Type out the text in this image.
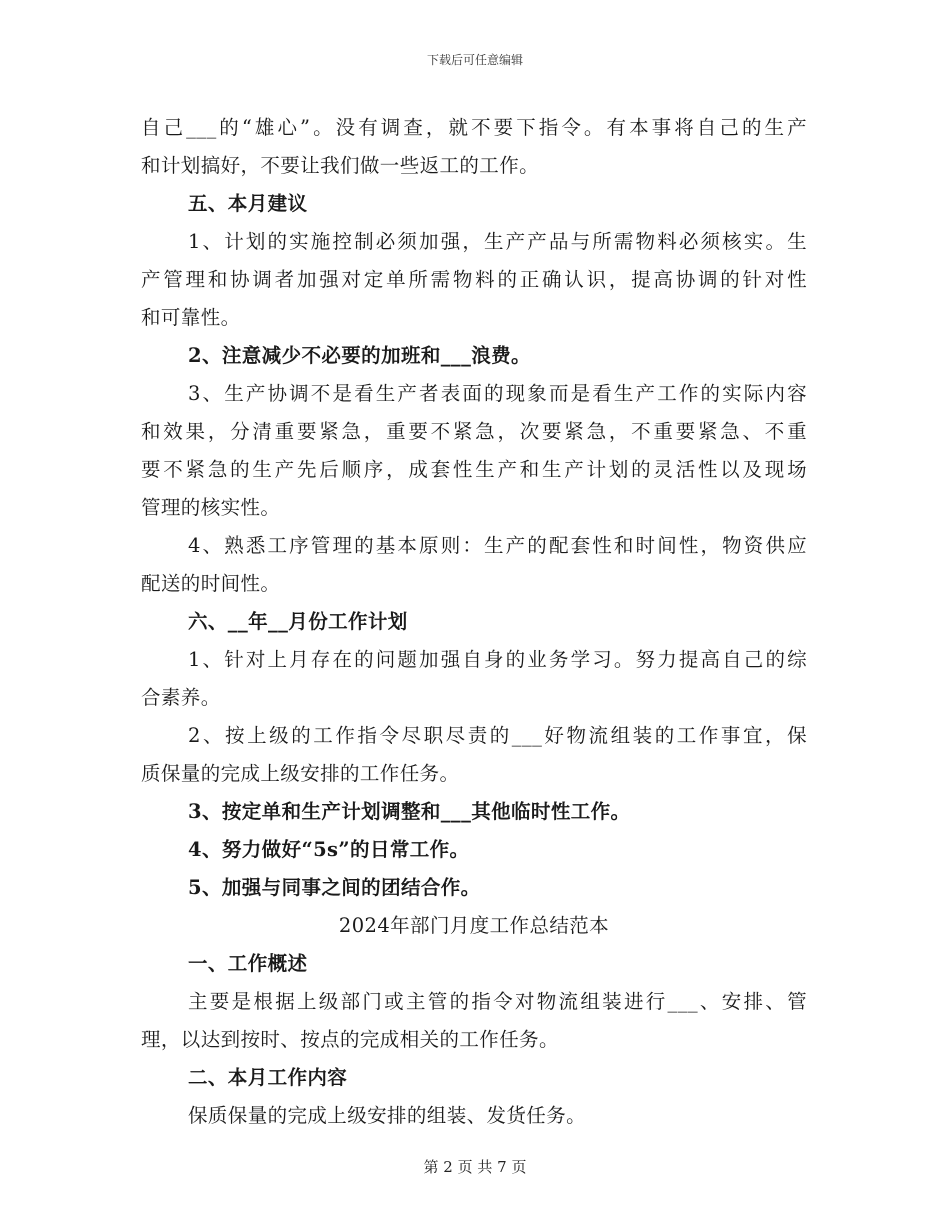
下载后可任意编辑
自己___的“雄心”。没有调查，就不要下指令。有本事将自己的生产
和计划搞好，不要让我们做一些返工的工作。
五、本月建议
1、计划的实施控制必须加强，生产产品与所需物料必须核实。生
产管理和协调者加强对定单所需物料的正确认识，提高协调的针对性
和可靠性。
2、注意减少不必要的加班和___浪费。
3、生产协调不是看生产者表面的现象而是看生产工作的实际内容
和效果，分清重要紧急，重要不紧急，次要紧急，不重要紧急、不重
要不紧急的生产先后顺序，成套性生产和生产计划的灵活性以及现场
管理的核实性。
4、熟悉工序管理的基本原则：生产的配套性和时间性，物资供应
配送的时间性。
六、__年__月份工作计划
1、针对上月存在的问题加强自身的业务学习。努力提高自己的综
合素养。
2、按上级的工作指令尽职尽责的___好物流组装的工作事宜，保
质保量的完成上级安排的工作任务。
3、按定单和生产计划调整和___其他临时性工作。
4、努力做好“5s”的日常工作。
5、加强与同事之间的团结合作。
2024年部门月度工作总结范本
一、工作概述
主要是根据上级部门或主管的指令对物流组装进行___、安排、管
理，以达到按时、按点的完成相关的工作任务。
二、本月工作内容
保质保量的完成上级安排的组装、发货任务。
第 2 页 共 7 页
